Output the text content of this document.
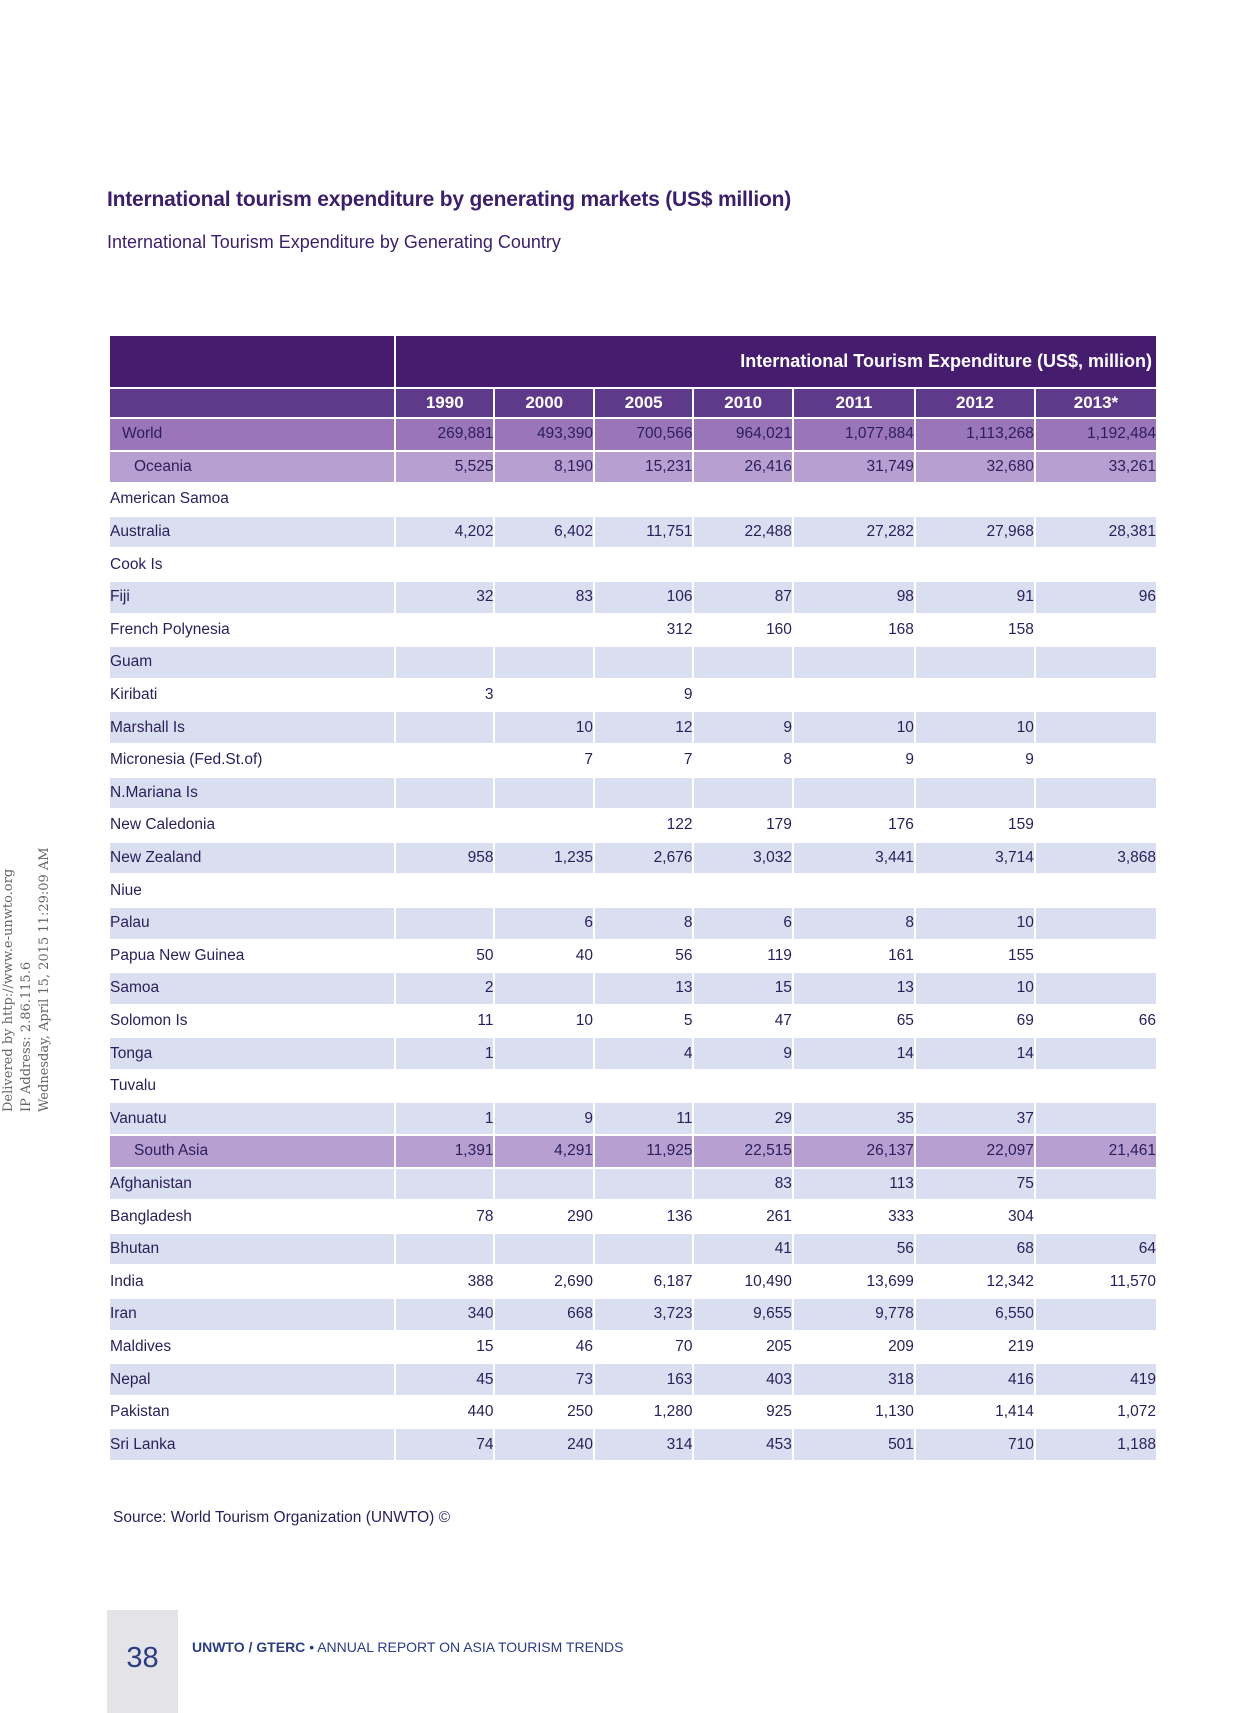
International tourism expenditure by generating markets (US$ million)
International Tourism Expenditure by Generating Country
Delivered by http://www.e-unwto.org IP Address: 2.86.115.6 Wednesday, April 15, 2015 11:29:09 AM
	International Tourism Expenditure (US$, million)						
	1990	2000	2005	2010	2011	2012	2013*
World	269,881	493,390	700,566	964,021	1,077,884	1,113,268	1,192,484
Oceania	5,525	8,190	15,231	26,416	31,749	32,680	33,261
American Samoa							
Australia	4,202	6,402	11,751	22,488	27,282	27,968	28,381
Cook Is							
Fiji	32	83	106	87	98	91	96
French Polynesia			312	160	168	158	
Guam							
Kiribati	3		9				
Marshall Is		10	12	9	10	10	
Micronesia (Fed.St.of)		7	7	8	9	9	
N.Mariana Is							
New Caledonia			122	179	176	159	
New Zealand	958	1,235	2,676	3,032	3,441	3,714	3,868
Niue							
Palau		6	8	6	8	10	
Papua New Guinea	50	40	56	119	161	155	
Samoa	2		13	15	13	10	
Solomon Is	11	10	5	47	65	69	66
Tonga	1		4	9	14	14	
Tuvalu							
Vanuatu	1	9	11	29	35	37	
South Asia	1,391	4,291	11,925	22,515	26,137	22,097	21,461
Afghanistan				83	113	75	
Bangladesh	78	290	136	261	333	304	
Bhutan				41	56	68	64
India	388	2,690	6,187	10,490	13,699	12,342	11,570
Iran	340	668	3,723	9,655	9,778	6,550	
Maldives	15	46	70	205	209	219	
Nepal	45	73	163	403	318	416	419
Pakistan	440	250	1,280	925	1,130	1,414	1,072
Sri Lanka	74	240	314	453	501	710	1,188
Source: World Tourism Organization (UNWTO) ©
38	UNWTO / GTERC • ANNUAL REPORT ON ASIA TOURISM TRENDS
